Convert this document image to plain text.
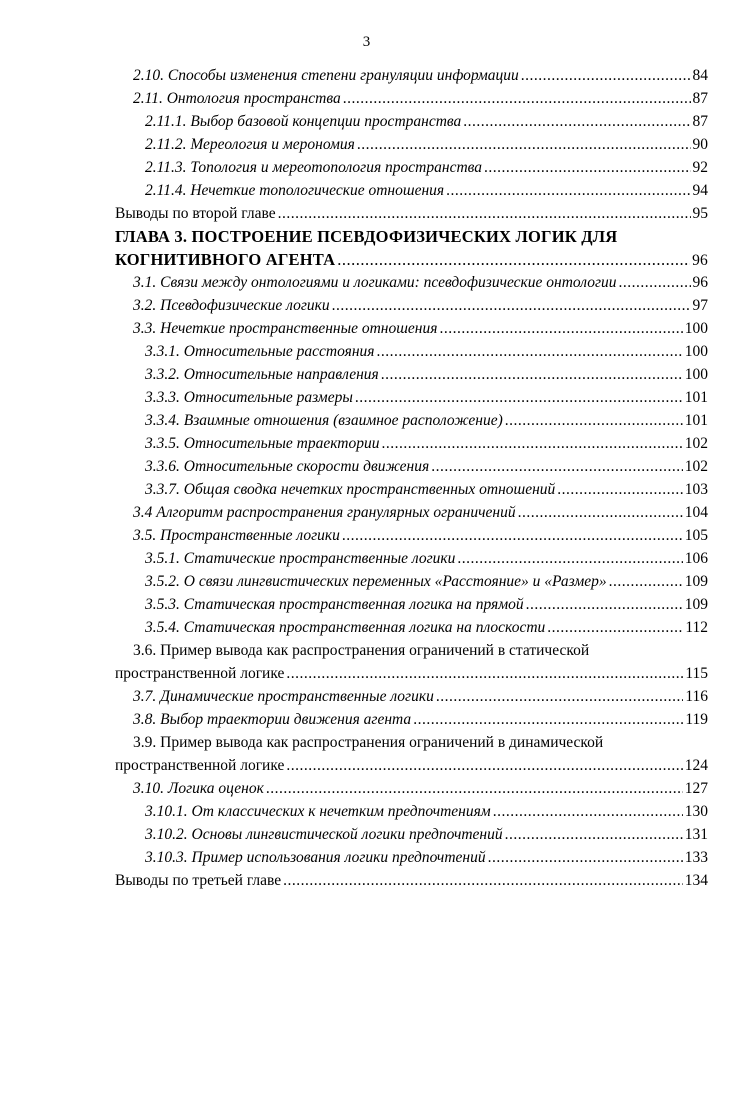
3
2.10. Способы изменения степени грануляции информации .....	84
2.11. Онтология пространства .....	87
2.11.1. Выбор базовой концепции пространства .....	87
2.11.2. Мереология и мерономия .....	90
2.11.3. Топология и мереотопология пространства .....	92
2.11.4. Нечеткие топологические отношения .....	94
Выводы по второй главе .....	95
ГЛАВА 3. ПОСТРОЕНИЕ ПСЕВДОФИЗИЧЕСКИХ ЛОГИК ДЛЯ
КОГНИТИВНОГО АГЕНТА .....	96
3.1. Связи между онтологиями и логиками: псевдофизические онтологии .....	96
3.2. Псевдофизические логики .....	97
3.3. Нечеткие пространственные отношения .....	100
3.3.1. Относительные расстояния .....	100
3.3.2. Относительные направления .....	100
3.3.3. Относительные размеры .....	101
3.3.4. Взаимные отношения (взаимное расположение) .....	101
3.3.5. Относительные траектории .....	102
3.3.6. Относительные скорости движения .....	102
3.3.7. Общая сводка нечетких пространственных отношений .....	103
3.4 Алгоритм распространения гранулярных ограничений .....	104
3.5. Пространственные логики .....	105
3.5.1. Статические пространственные логики .....	106
3.5.2. О связи лингвистических переменных «Расстояние» и «Размер» .....	109
3.5.3. Статическая пространственная логика на прямой .....	109
3.5.4. Статическая пространственная логика на плоскости .....	112
3.6. Пример вывода как распространения ограничений в статической
пространственной логике .....	115
3.7. Динамические пространственные логики .....	116
3.8. Выбор траектории движения агента .....	119
3.9. Пример вывода как распространения ограничений в динамической
пространственной логике .....	124
3.10. Логика оценок .....	127
3.10.1. От классических к нечетким предпочтениям .....	130
3.10.2. Основы лингвистической логики предпочтений .....	131
3.10.3. Пример использования логики предпочтений .....	133
Выводы по третьей главе .....	134
